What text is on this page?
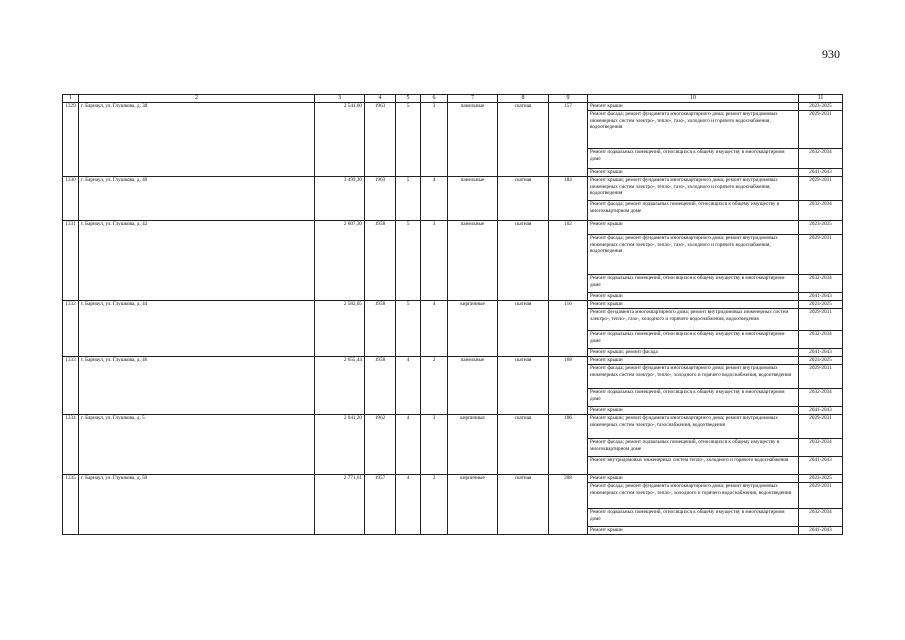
930
1	2	3	4	5	6	7	8	9	10	11
1329	г. Барнаул, ул. Глушкова, д. 38	2 541,60	1963	5	3	панельные	скатная	157	Ремонт крыши	2023-2025
									Ремонт фасада; ремонт фундамента многоквартирного дома; ремонт внутридомовых инженерных систем электро-, тепло-, газо-, холодного и горячего водоснабжения, водоотведения	2029-2031
									Ремонт подвальных помещений, относящихся к общему имуществу в многоквартирном доме	2032-2034
									Ремонт крыши	2041-2043
1330	г. Барнаул, ул. Глушкова, д. 40	3 499,30	1963	5	4	панельные	скатная	184	Ремонт крыши; ремонт фундамента многоквартирного дома; ремонт внутридомовых инженерных систем электро-, тепло-, газо-, холодного и горячего водоснабжения, водоотведения	2029-2031
									Ремонт фасада; ремонт подвальных помещений, относящихся к общему имуществу в многоквартирном доме	2032-2034
1331	г. Барнаул, ул. Глушкова, д. 42	2 607,30	1958	5	3	панельные	скатная	102	Ремонт крыши	2023-2025
									Ремонт фасада; ремонт фундамента многоквартирного дома; ремонт внутридомовых инженерных систем электро-, тепло-, газо-, холодного и горячего водоснабжения, водоотведения	2029-2031
									Ремонт подвальных помещений, относящихся к общему имуществу в многоквартирном доме	2032-2034
									Ремонт крыши	2041-2043
1332	г. Барнаул, ул. Глушкова, д. 44	2 582,05	1958	5	4	кирпичные	скатная	116	Ремонт крыши	2023-2025
									Ремонт фундамента многоквартирного дома; ремонт внутридомовых инженерных систем электро-, тепло-, газо-, холодного и горячего водоснабжения, водоотведения	2029-2031
									Ремонт подвальных помещений, относящихся к общему имуществу в многоквартирном доме	2032-2034
									Ремонт крыши; ремонт фасада	2041-2043
1333	г. Барнаул, ул. Глушкова, д. 46	2 655,44	1958	4	2	панельные	скатная	168	Ремонт крыши	2023-2025
									Ремонт фасада; ремонт фундамента многоквартирного дома; ремонт внутридомовых инженерных систем электро-, тепло-, холодного и горячего водоснабжения, водоотведения	2029-2031
									Ремонт подвальных помещений, относящихся к общему имуществу в многоквартирном доме	2032-2034
									Ремонт крыши	2041-2043
1334	г. Барнаул, ул. Глушкова, д. 5	2 041,20	1962	4	3	кирпичные	скатная	106	Ремонт крыши; ремонт фундамента многоквартирного дома; ремонт внутридомовых инженерных систем электро-, газоснабжения, водоотведения	2029-2031
									Ремонт фасада; ремонт подвальных помещений, относящихся к общему имуществу в многоквартирном доме	2032-2034
									Ремонт внутридомовых инженерных систем тепло-, холодного и горячего водоснабжения	2041-2043
1335	г. Барнаул, ул. Глушкова, д. 50	2 771,61	1957	4	2	кирпичные	скатная	208	Ремонт крыши	2023-2025
									Ремонт фасада; ремонт фундамента многоквартирного дома; ремонт внутридомовых инженерных систем электро-, тепло-, холодного и горячего водоснабжения, водоотведения	2029-2031
									Ремонт подвальных помещений, относящихся к общему имуществу в многоквартирном доме	2032-2034
									Ремонт крыши	2041-2043
